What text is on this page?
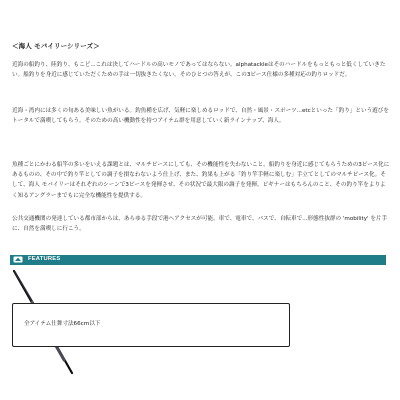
＜海人 モバイリーシリーズ＞
近海の船釣り、陸釣り、もこど...これは決してハードルの高いモノであってはならない。alphatackleはそのハードルをもっともっと低くしていきたい。船釣りを身近に感じていただくための手は一切抜きたくない。そのひとつの答えが、この3ピース仕様の多種対応の釣りロッドだ。
近海・湾内には多くの旬ある美味しい魚がいる。釣魚種を広げ、気軽に楽しめるロッドで、自然・風景・スポーツ...etcといった「釣り」という遊びをトータルで満喫してもらう。そのための高い機動性を持つアイテム群を用意していく新ラインナップ、海人。
魚種ごとにかわる船竿の多いをいえる課題とは、マルチピースにしても、その機能性を失わないこと。船釣りを身近に感じてもらうための3ピース化にあるものの、その中で釣り竿としての調子を損なわないよう仕上げ、また、釣果も上がる「釣り竿手軽に楽しむ」手立てとしてのマルチピース化。そして、海人 モバイリーはそれぞれのシーンで3ピースを発揮させ、その状況で最大限の調子を発揮。ビギナーはもちろんのこと、その釣り竿をよりよく知るアングラーまでもに完全な機能性を提供する。
公共交通機関の発達している都市部からは、あらゆる手段で港へアクセスが可能。車で、電車で、バスで、自転車で...形態性抜群の 'mobility' を片手に、自然を満喫しに行こう。
FEATURES
全アイテム仕舞寸法66cm以下
